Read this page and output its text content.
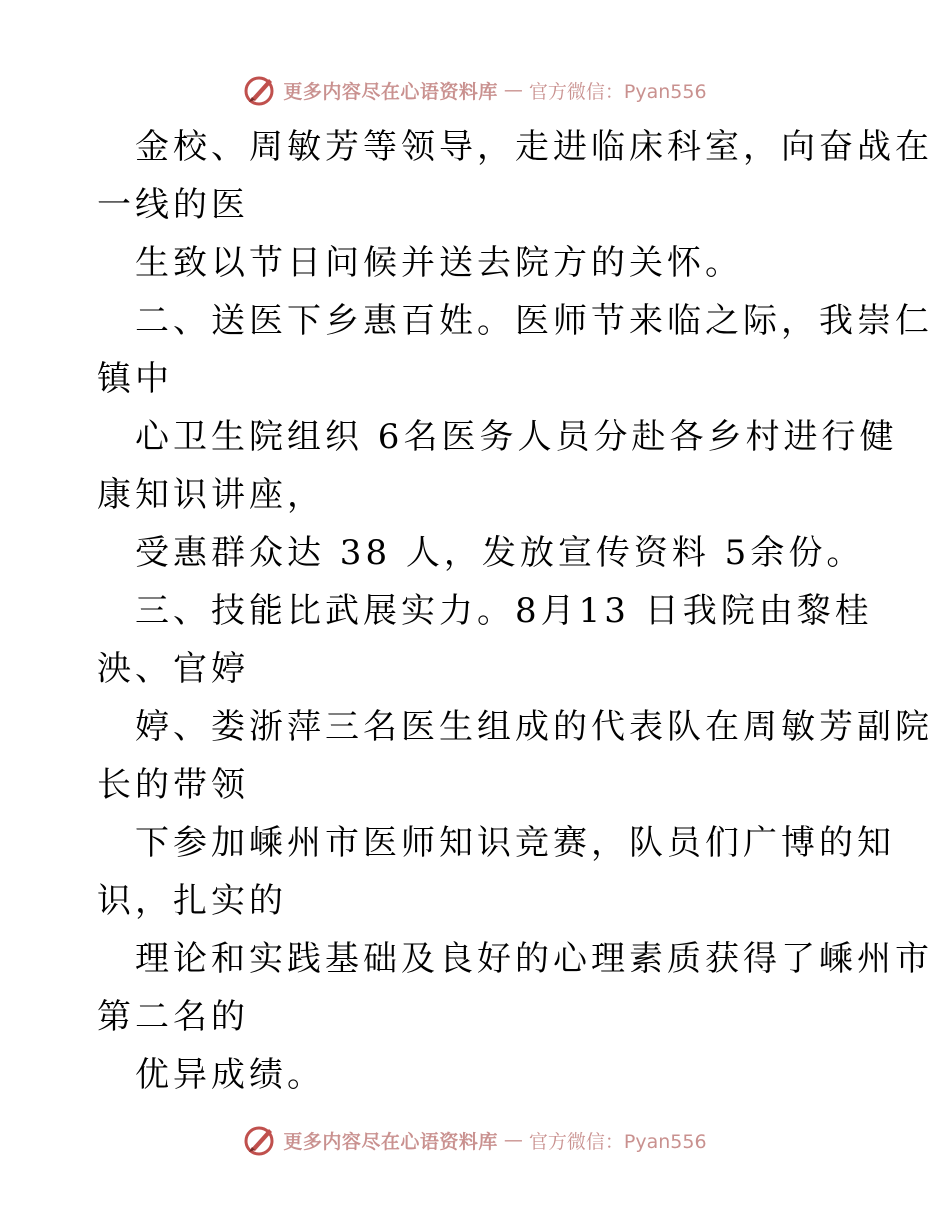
更多内容尽在心语资料库 — 官方微信：Pyan556
金校、周敏芳等领导，走进临床科室，向奋战在
一线的医
生致以节日问候并送去院方的关怀。
二、送医下乡惠百姓。医师节来临之际，我崇仁
镇中
心卫生院组织 6名医务人员分赴各乡村进行健
康知识讲座，
受惠群众达 38 人，发放宣传资料 5余份。
三、技能比武展实力。8月13 日我院由黎桂
泱、官婷
婷、娄浙萍三名医生组成的代表队在周敏芳副院
长的带领
下参加嵊州市医师知识竞赛，队员们广博的知
识，扎实的
理论和实践基础及良好的心理素质获得了嵊州市
第二名的
优异成绩。
更多内容尽在心语资料库 — 官方微信：Pyan556
